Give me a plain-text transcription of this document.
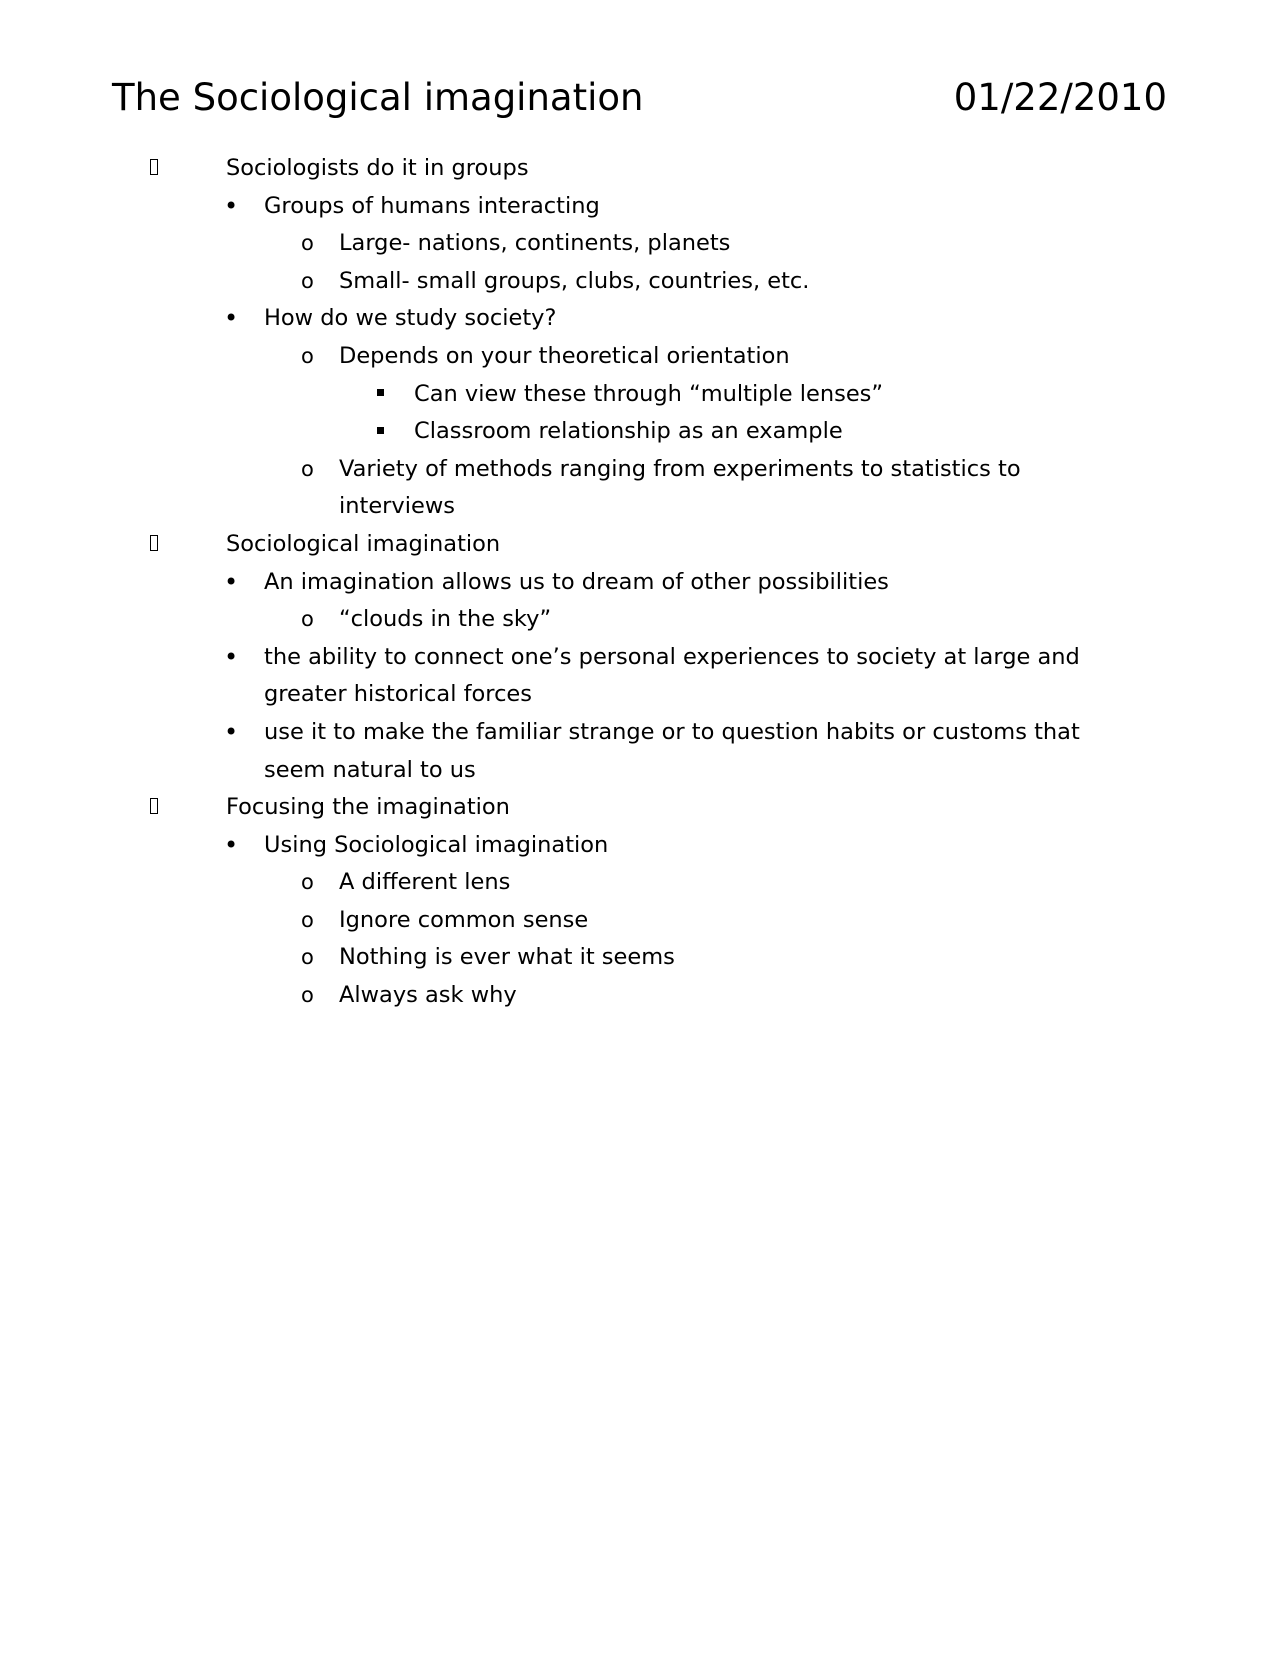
The Sociological imagination	01/22/2010
Sociologists do it in groups
• Groups of humans interacting
o Large- nations, continents, planets
o Small- small groups, clubs, countries, etc.
• How do we study society?
o Depends on your theoretical orientation
Can view these through “multiple lenses”
Classroom relationship as an example
o Variety of methods ranging from experiments to statistics to interviews
Sociological imagination
• An imagination allows us to dream of other possibilities
o “clouds in the sky”
• the ability to connect one’s personal experiences to society at large and greater historical forces
• use it to make the familiar strange or to question habits or customs that seem natural to us
Focusing the imagination
• Using Sociological imagination
o A different lens
o Ignore common sense
o Nothing is ever what it seems
o Always ask why
